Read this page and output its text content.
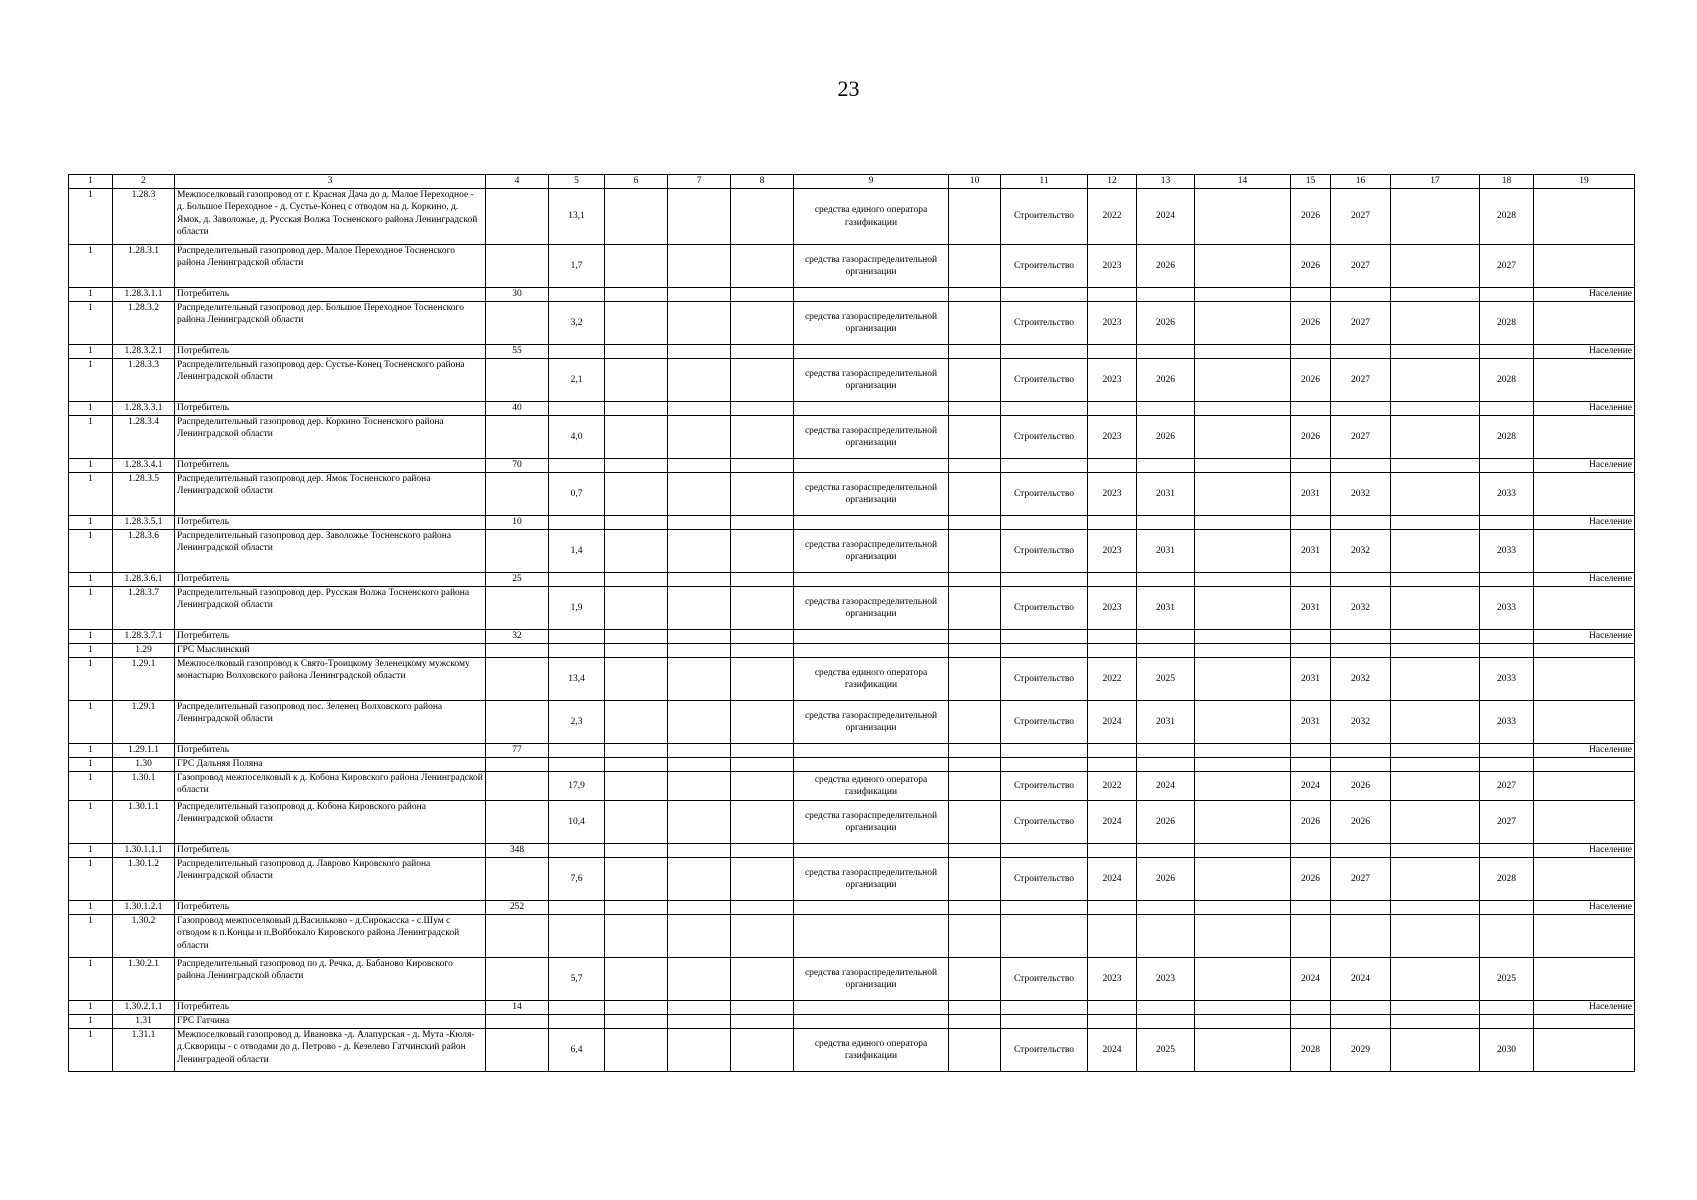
23
1	2	3	4	5	6	7	8	9	10	11	12	13	14	15	16	17	18	19
1	1.28.3	Межпоселковый газопровод от г. Красная Дача до д. Малое Переходное - д. Большое Переходное - д. Сустье-Конец с отводом на д. Коркино, д. Ямок, д. Заволожье, д. Русская Волжа Тосненского района Ленинградской области		13,1				средства единого оператора газификации		Строительство	2022	2024		2026	2027		2028	
1	1.28.3.1	Распределительный газопровод дер. Малое Переходное Тосненского района Ленинградской области		1,7				средства газораспределительной организации		Строительство	2023	2026		2026	2027		2027	
1	1.28.3.1.1	Потребитель	30															Население
1	1.28.3.2	Распределительный газопровод дер. Большое Переходное Тосненского района Ленинградской области		3,2				средства газораспределительной организации		Строительство	2023	2026		2026	2027		2028	
1	1.28.3.2.1	Потребитель	55															Население
1	1.28.3.3	Распределительный газопровод дер. Сустье-Конец Тосненского района Ленинградской области		2,1				средства газораспределительной организации		Строительство	2023	2026		2026	2027		2028	
1	1.28.3.3.1	Потребитель	40															Население
1	1.28.3.4	Распределительный газопровод дер. Коркино Тосненского района Ленинградской области		4,0				средства газораспределительной организации		Строительство	2023	2026		2026	2027		2028	
1	1.28.3.4.1	Потребитель	70															Население
1	1.28.3.5	Распределительный газопровод дер. Ямок Тосненского района Ленинградской области		0,7				средства газораспределительной организации		Строительство	2023	2031		2031	2032		2033	
1	1.28.3.5.1	Потребитель	10															Население
1	1.28.3.6	Распределительный газопровод дер. Заволожье Тосненского района Ленинградской области		1,4				средства газораспределительной организации		Строительство	2023	2031		2031	2032		2033	
1	1.28.3.6.1	Потребитель	25															Население
1	1.28.3.7	Распределительный газопровод дер. Русская Волжа Тосненского района Ленинградской области		1,9				средства газораспределительной организации		Строительство	2023	2031		2031	2032		2033	
1	1.28.3.7.1	Потребитель	32															Население
1	1.29	ГРС Мыслинский																
1	1.29.1	Межпоселковый газопровод к Свято-Троицкому Зеленецкому мужскому монастырю Волховского района Ленинградской области		13,4				средства единого оператора газификации		Строительство	2022	2025		2031	2032		2033	
1	1.29.1	Распределительный газопровод пос. Зеленец Волховского района Ленинградской области		2,3				средства газораспределительной организации		Строительство	2024	2031		2031	2032		2033	
1	1.29.1.1	Потребитель	77															Население
1	1.30	ГРС Дальняя Поляна																
1	1.30.1	Газопровод межпоселковый к д. Кобона Кировского района Ленинградской области		17,9				средства единого оператора газификации		Строительство	2022	2024		2024	2026		2027	
1	1.30.1.1	Распределительный газопровод д. Кобона Кировского района Ленинградской области		10,4				средства газораспределительной организации		Строительство	2024	2026		2026	2026		2027	
1	1.30.1.1.1	Потребитель	348															Население
1	1.30.1.2	Распределительный газопровод д. Лаврово Кировского района Ленинградской области		7,6				средства газораспределительной организации		Строительство	2024	2026		2026	2027		2028	
1	1.30.1.2.1	Потребитель	252															Население
1	1.30.2	Газопровод межпоселковый д.Васильково - д.Сирокасска - с.Шум с отводом к п.Концы и п.Войбокало Кировского района Ленинградской области																
1	1.30.2.1	Распределительный газопровод по д. Речка, д. Бабаново Кировского района Ленинградской области		5,7				средства газораспределительной организации		Строительство	2023	2023		2024	2024		2025	
1	1.30.2.1.1	Потребитель	14															Население
1	1.31	ГРС Гатчина																
1	1.31.1	Межпоселковый газопровод д. Ивановка -д. Алапурская - д. Мута -Кюля- д.Скворицы - с отводами до д. Петрово - д. Кезелево Гатчинский район Ленинградеой области		6,4				средства единого оператора газификации		Строительство	2024	2025		2028	2029		2030	
